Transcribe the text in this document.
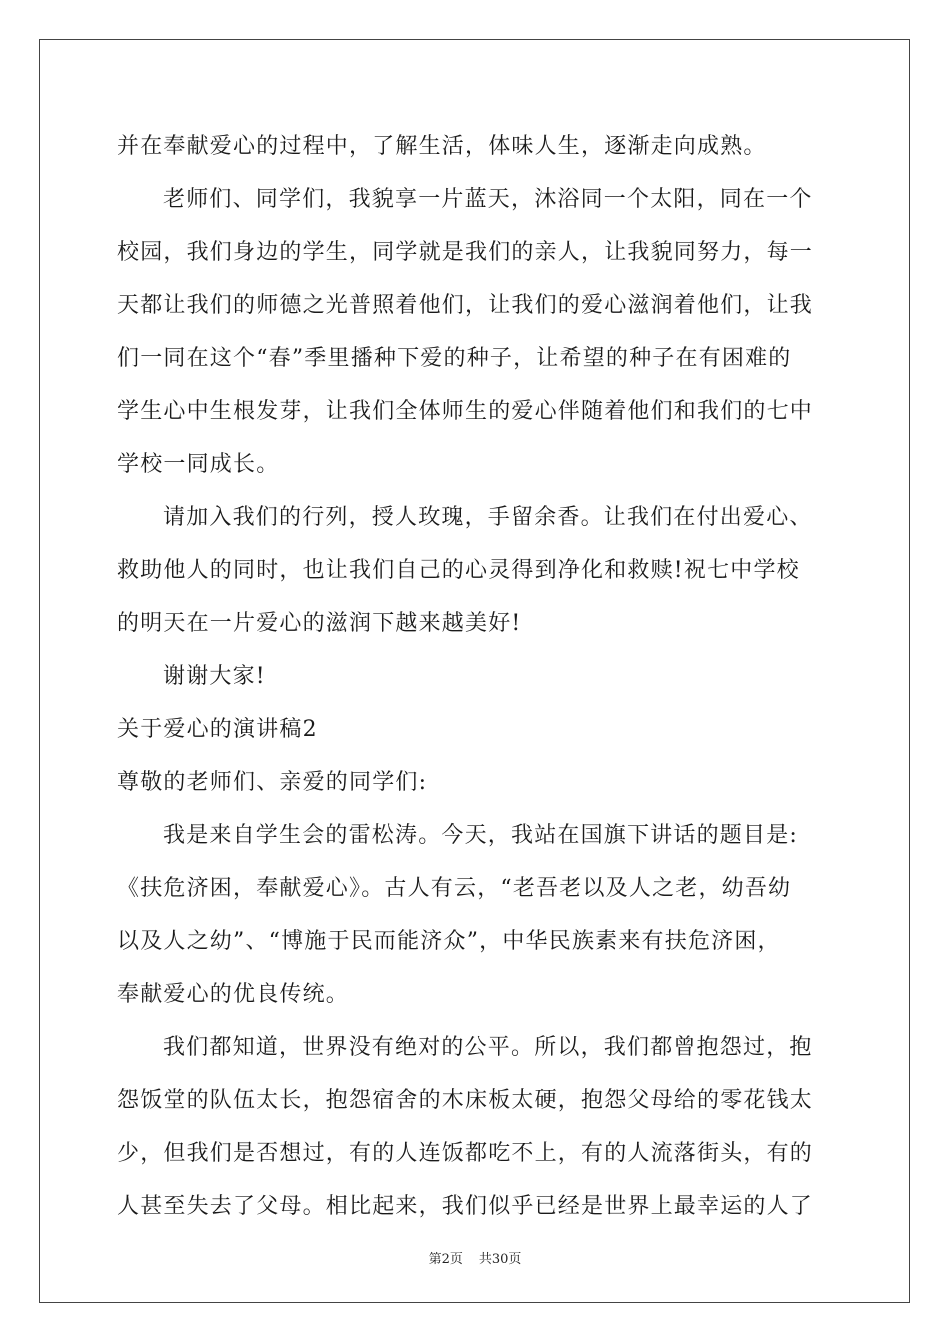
并在奉献爱心的过程中，了解生活，体味人生，逐渐走向成熟。
老师们、同学们，我貌享一片蓝天，沐浴同一个太阳，同在一个
校园，我们身边的学生，同学就是我们的亲人，让我貌同努力，每一
天都让我们的师德之光普照着他们，让我们的爱心滋润着他们，让我
们一同在这个“春”季里播种下爱的种子，让希望的种子在有困难的
学生心中生根发芽，让我们全体师生的爱心伴随着他们和我们的七中
学校一同成长。
请加入我们的行列，授人玫瑰，手留余香。让我们在付出爱心、
救助他人的同时，也让我们自己的心灵得到净化和救赎!祝七中学校
的明天在一片爱心的滋润下越来越美好!
谢谢大家!
关于爱心的演讲稿2
尊敬的老师们、亲爱的同学们:
我是来自学生会的雷松涛。今天，我站在国旗下讲话的题目是:
《扶危济困，奉献爱心》。古人有云，“老吾老以及人之老，幼吾幼
以及人之幼”、“博施于民而能济众”，中华民族素来有扶危济困，
奉献爱心的优良传统。
我们都知道，世界没有绝对的公平。所以，我们都曾抱怨过，抱
怨饭堂的队伍太长，抱怨宿舍的木床板太硬，抱怨父母给的零花钱太
少，但我们是否想过，有的人连饭都吃不上，有的人流落街头，有的
人甚至失去了父母。相比起来，我们似乎已经是世界上最幸运的人了
第2页 共30页
